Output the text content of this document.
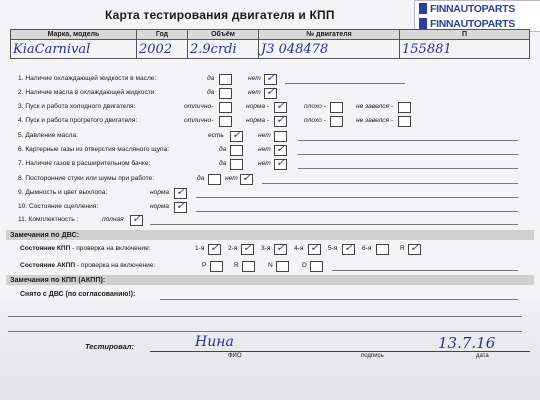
Карта тестирования двигателя и КПП	FINNAUTOPARTS
FINNAUTOPARTS
Марка, модель	Год	Объём	№ двигателя	П
KiaCarnival	2002	2.9crdi	J3 048478	155881
1. Наличие охлаждающей жидкости в масле:	да	нет ✓
2. Наличие масла в охлаждающей жидкости:	да	нет ✓
3. Пуск и работа холодного двигателя:	отлично-	норма - ✓	плохо -	не завелся -
4. Пуск и работа прогретого двигателя:	отлично-	норма - ✓	плохо -	не завелся -
5. Давление масла:	есть ✓	нет
6. Картерные газы из отверстия масляного щупа:	да	нет ✓
7. Наличие газов в расширительном бачке:	да	нет ✓
8. Посторонние стуки или шумы при работе:	да	нет ✓
9. Дымность и цвет выхлопа:	норма ✓
10. Состояние сцепления:	норма ✓
11. Комплектность :	полная ✓
Замечания по ДВС:
Состояние КПП - проверка на включение:	1-я ✓ 2-я ✓ 3-я ✓ 4-я ✓ 5-я ✓ 6-я	R ✓
Состояние АКПП - проверка на включение:	P	R	N	D
Замечания по КПП (АКПП):
Снято с ДВС (по согласованию!):
Тестировал:	Нина	13.7.16
ФИО	подпись	дата
